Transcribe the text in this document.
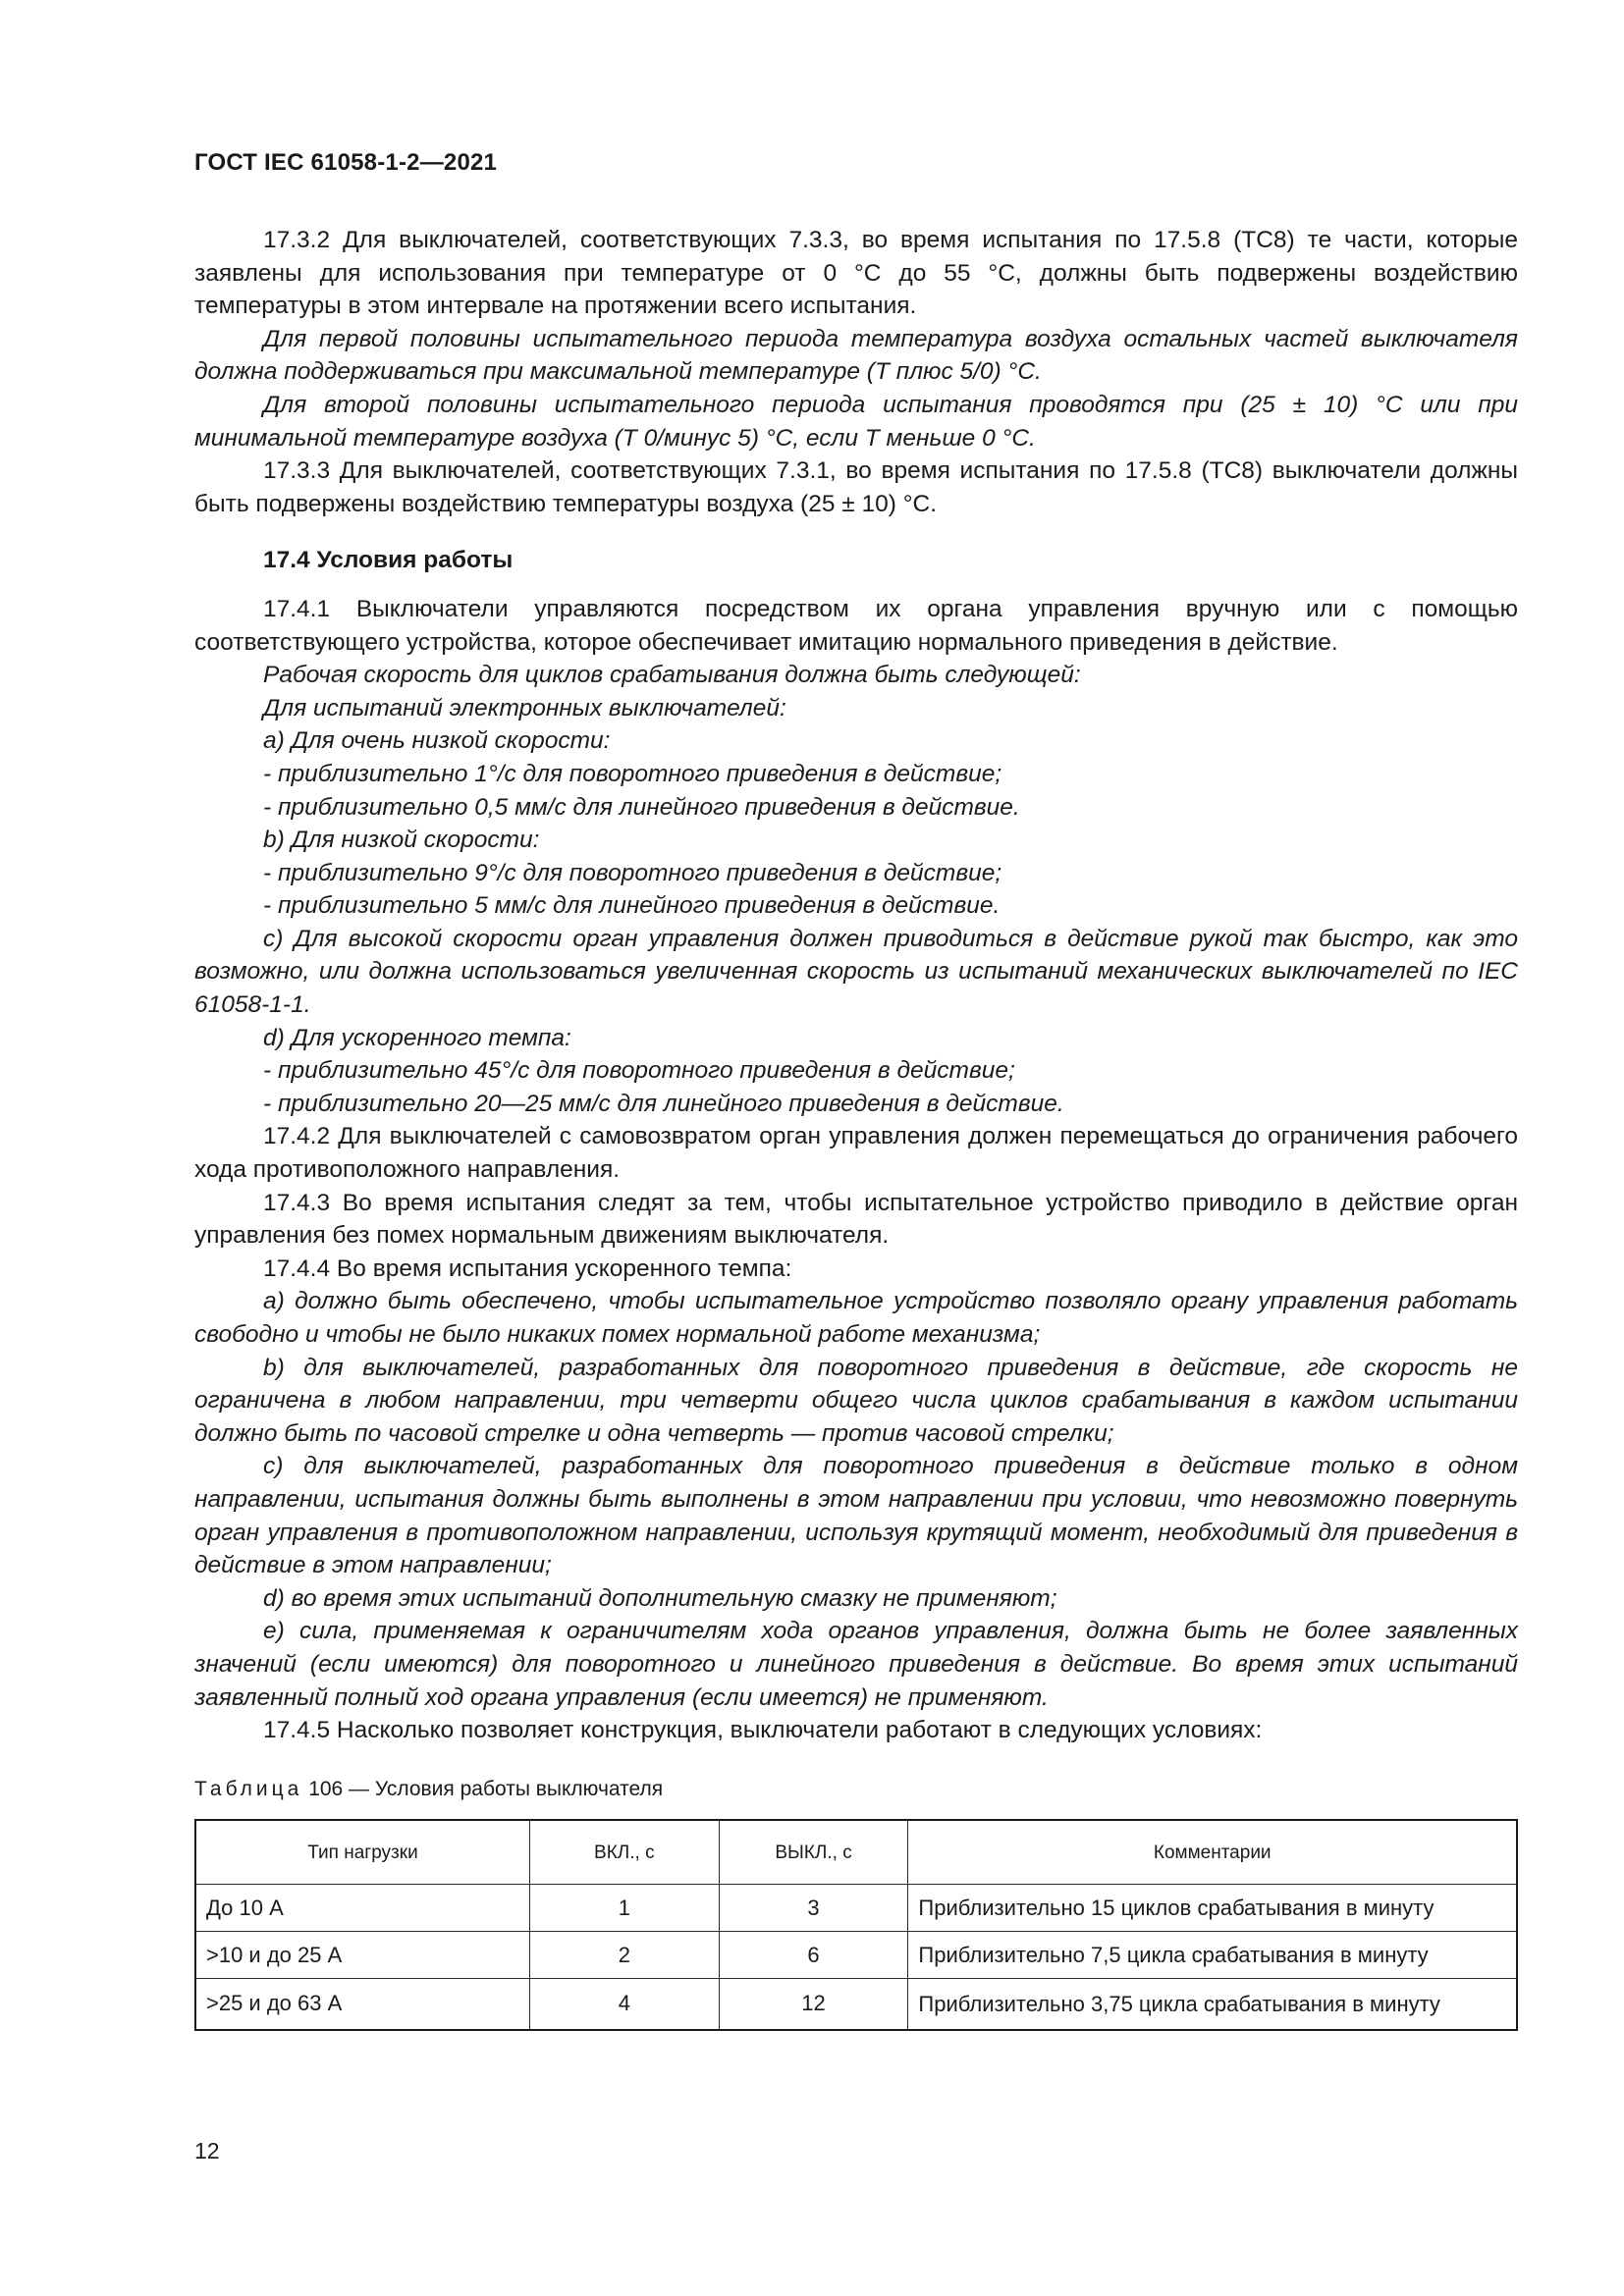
ГОСТ IEC 61058-1-2—2021

17.3.2 Для выключателей, соответствующих 7.3.3, во время испытания по 17.5.8 (ТС8) те части, которые заявлены для использования при температуре от 0 °С до 55 °С, должны быть подвержены воздействию температуры в этом интервале на протяжении всего испытания.

Для первой половины испытательного периода температура воздуха остальных частей выключателя должна поддерживаться при максимальной температуре (T плюс 5/0) °С.

Для второй половины испытательного периода испытания проводятся при (25 ± 10) °С или при минимальной температуре воздуха (T 0/минус 5) °С, если T меньше 0 °С.

17.3.3 Для выключателей, соответствующих 7.3.1, во время испытания по 17.5.8 (ТС8) выключатели должны быть подвержены воздействию температуры воздуха (25 ± 10) °С.

17.4 Условия работы

17.4.1 Выключатели управляются посредством их органа управления вручную или с помощью соответствующего устройства, которое обеспечивает имитацию нормального приведения в действие.

Рабочая скорость для циклов срабатывания должна быть следующей:

Для испытаний электронных выключателей:

a) Для очень низкой скорости:

- приблизительно 1°/с для поворотного приведения в действие;

- приблизительно 0,5 мм/с для линейного приведения в действие.

b) Для низкой скорости:

- приблизительно 9°/с для поворотного приведения в действие;

- приблизительно 5 мм/с для линейного приведения в действие.

c) Для высокой скорости орган управления должен приводиться в действие рукой так быстро, как это возможно, или должна использоваться увеличенная скорость из испытаний механических выключателей по IEC 61058-1-1.

d) Для ускоренного темпа:

- приблизительно 45°/с для поворотного приведения в действие;

- приблизительно 20—25 мм/с для линейного приведения в действие.

17.4.2 Для выключателей с самовозвратом орган управления должен перемещаться до ограничения рабочего хода противоположного направления.

17.4.3 Во время испытания следят за тем, чтобы испытательное устройство приводило в действие орган управления без помех нормальным движениям выключателя.

17.4.4 Во время испытания ускоренного темпа:

a) должно быть обеспечено, чтобы испытательное устройство позволяло органу управления работать свободно и чтобы не было никаких помех нормальной работе механизма;

b) для выключателей, разработанных для поворотного приведения в действие, где скорость не ограничена в любом направлении, три четверти общего числа циклов срабатывания в каждом испытании должно быть по часовой стрелке и одна четверть — против часовой стрелки;

c) для выключателей, разработанных для поворотного приведения в действие только в одном направлении, испытания должны быть выполнены в этом направлении при условии, что невозможно повернуть орган управления в противоположном направлении, используя крутящий момент, необходимый для приведения в действие в этом направлении;

d) во время этих испытаний дополнительную смазку не применяют;

e) сила, применяемая к ограничителям хода органов управления, должна быть не более заявленных значений (если имеются) для поворотного и линейного приведения в действие. Во время этих испытаний заявленный полный ход органа управления (если имеется) не применяют.

17.4.5 Насколько позволяет конструкция, выключатели работают в следующих условиях:

Таблица 106 — Условия работы выключателя
Тип нагрузки	ВКЛ., с	ВЫКЛ., с	Комментарии
До 10 А	1	3	Приблизительно 15 циклов срабатывания в минуту
>10 и до 25 А	2	6	Приблизительно 7,5 цикла срабатывания в минуту
>25 и до 63 А	4	12	Приблизительно 3,75 цикла срабатывания в минуту
12
